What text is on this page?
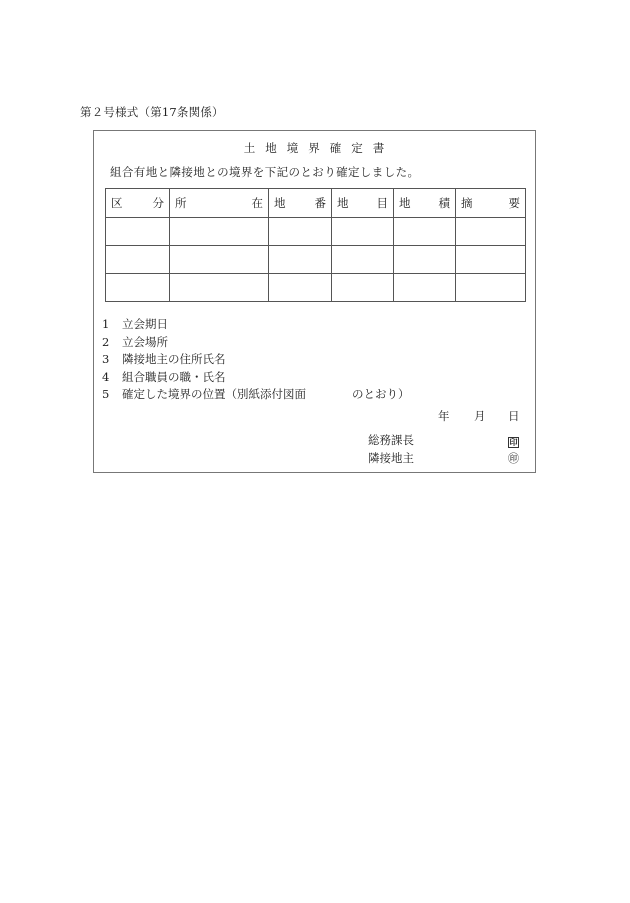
第２号様式（第17条関係）
土地境界確定書
組合有地と隣接地との境界を下記のとおり確定しました。
区 分	所 在	地 番	地 目	地 積	摘 要

1 立会期日
2 立会場所
3 隣接地主の住所氏名
4 組合職員の職・氏名
5 確定した境界の位置（別紙添付図面　　　　のとおり）
年 月 日
総務課長	印
隣接地主	㊞
